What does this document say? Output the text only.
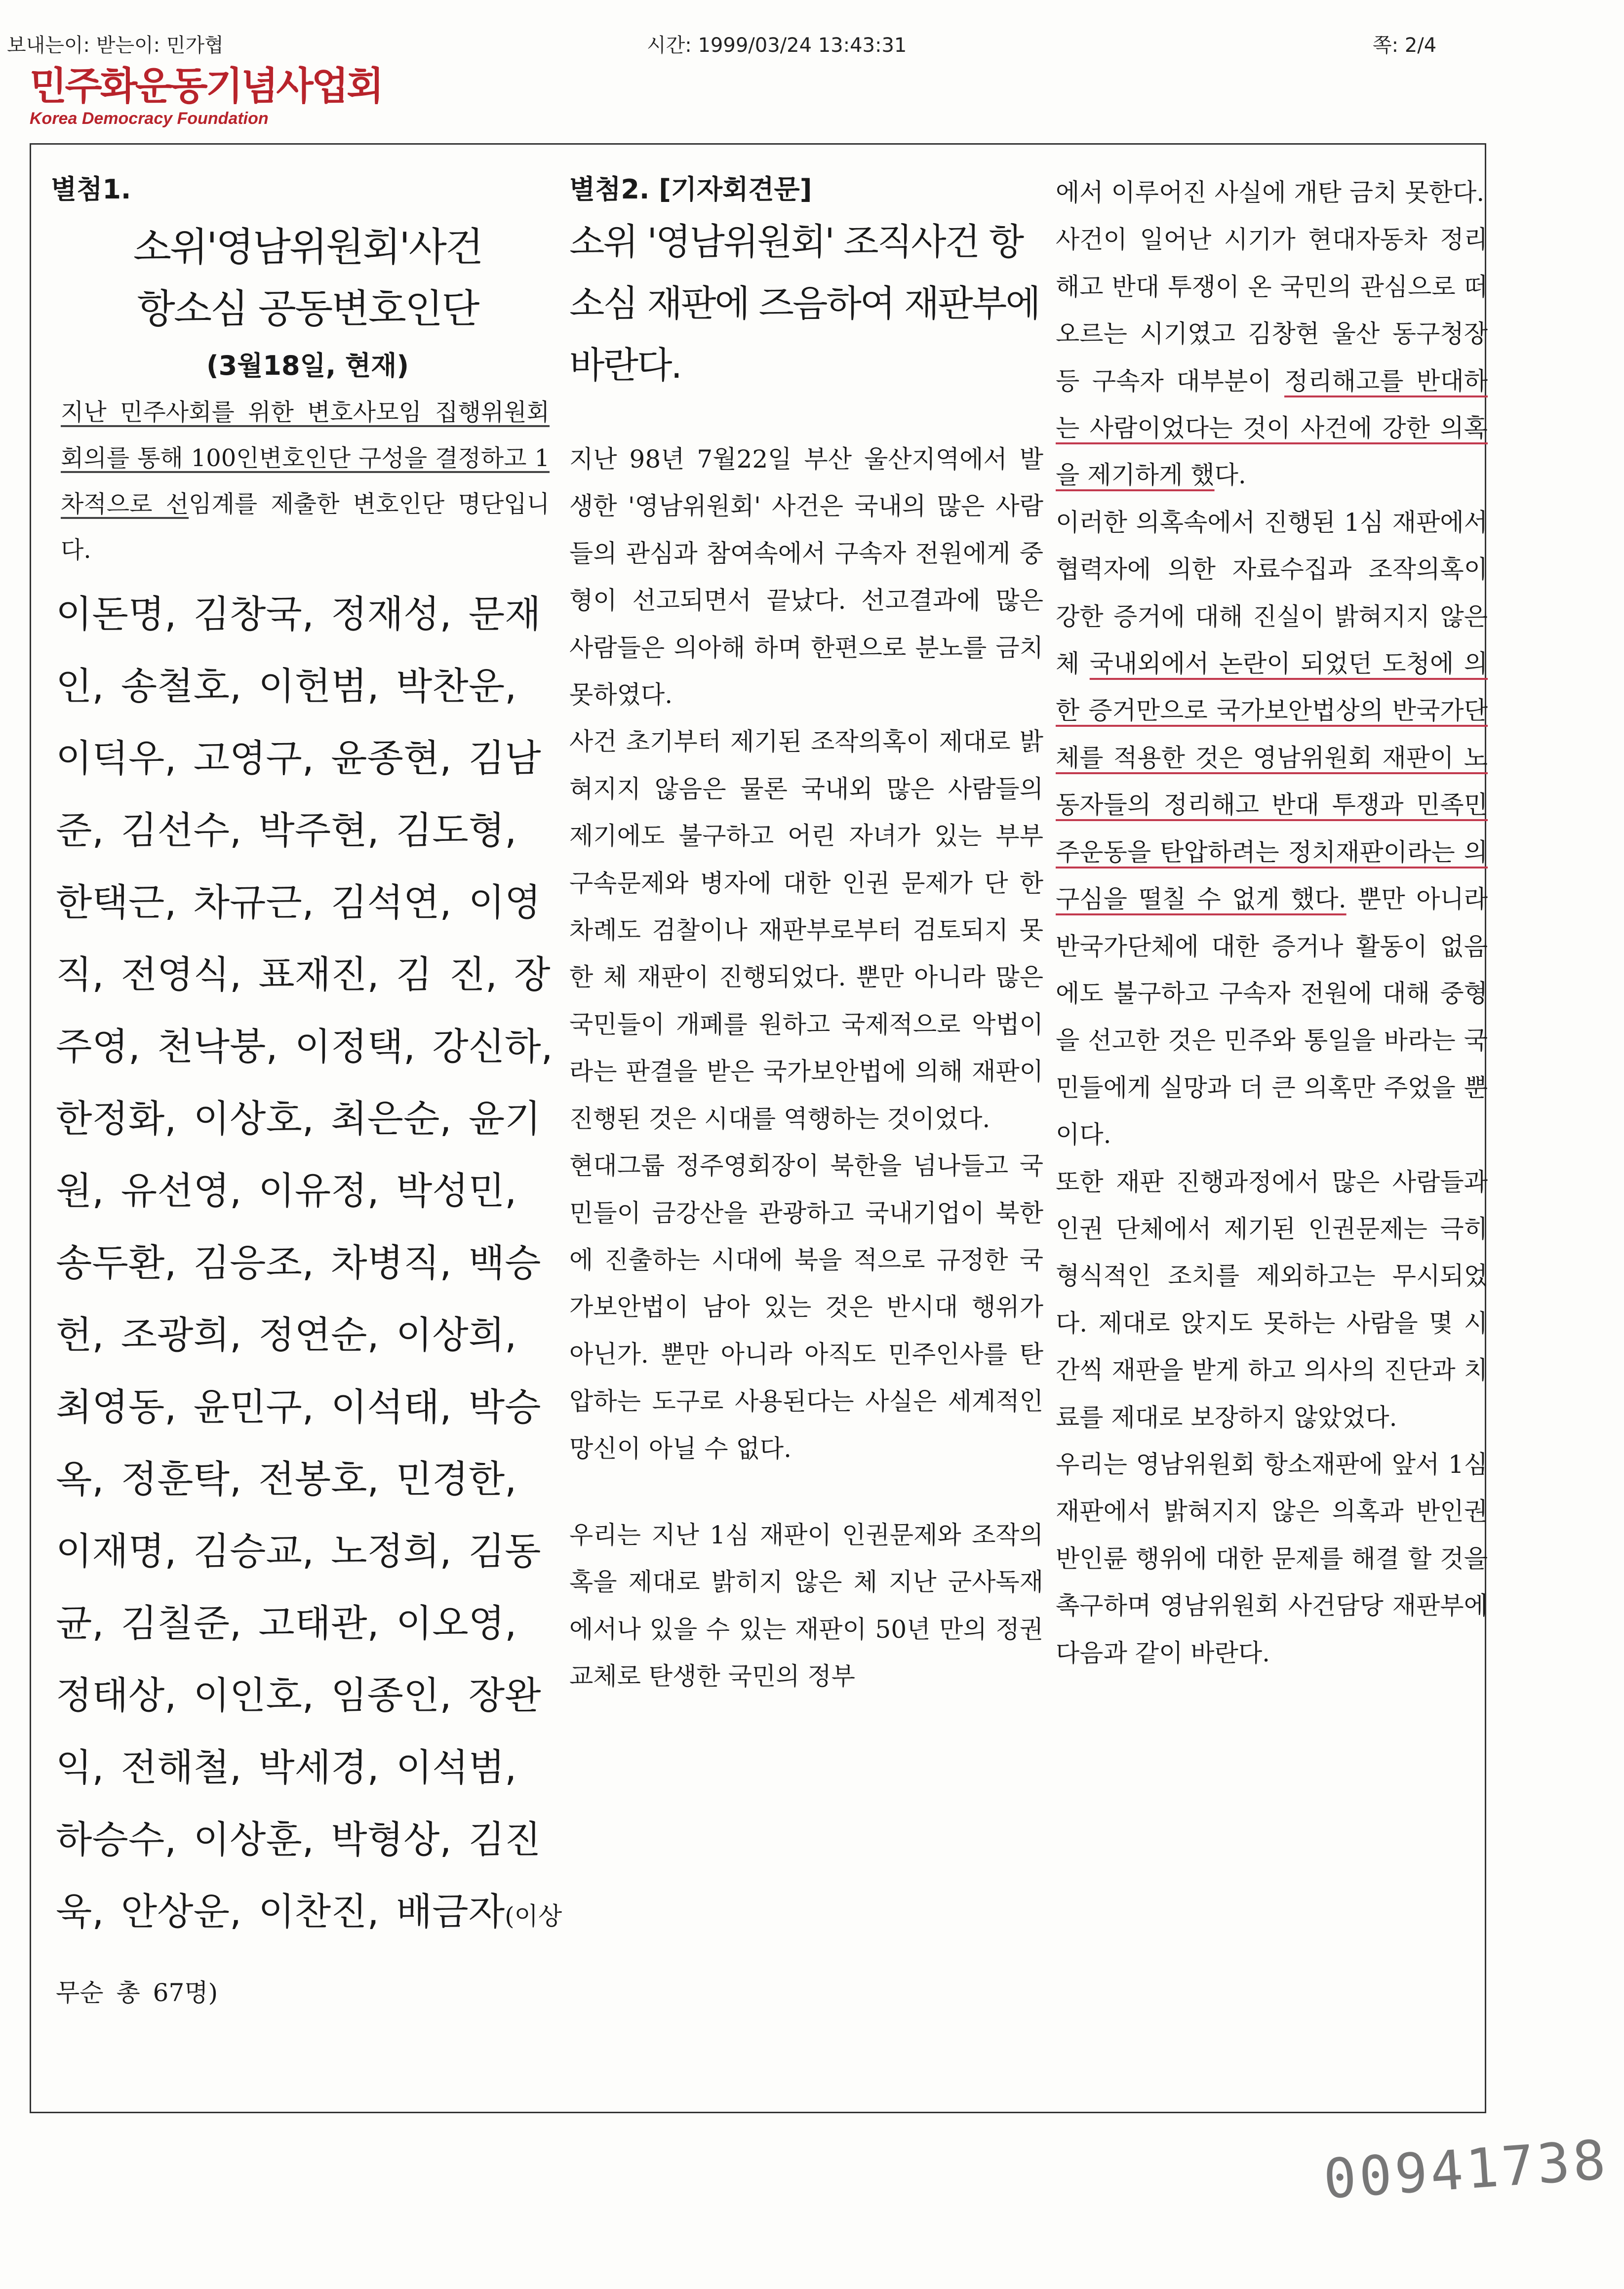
보내는이: 받는이: 민가협	시간: 1999/03/24 13:43:31	쪽: 2/4
민주화운동기념사업회
Korea Democracy Foundation
별첨1.
소위'영남위원회'사건
항소심 공동변호인단
(3월18일, 현재)
지난 민주사회를 위한 변호사모임 집행위원회 회의를 통해 100인변호인단 구성을 결정하고 1차적으로 선임계를 제출한 변호인단 명단입니다.
이돈명, 김창국, 정재성, 문재인, 송철호, 이헌범, 박찬운, 이덕우, 고영구, 윤종현, 김남준, 김선수, 박주현, 김도형, 한택근, 차규근, 김석연, 이영직, 전영식, 표재진, 김 진, 장주영, 천낙붕, 이정택, 강신하, 한정화, 이상호, 최은순, 윤기원, 유선영, 이유정, 박성민, 송두환, 김응조, 차병직, 백승헌, 조광희, 정연순, 이상희, 최영동, 윤민구, 이석태, 박승옥, 정훈탁, 전봉호, 민경한, 이재명, 김승교, 노정희, 김동균, 김칠준, 고태관, 이오영, 정태상, 이인호, 임종인, 장완익, 전해철, 박세경, 이석범, 하승수, 이상훈, 박형상, 김진욱, 안상운, 이찬진, 배금자(이상 무순 총 67명)
별첨2. [기자회견문]
소위 '영남위원회' 조직사건 항소심 재판에 즈음하여 재판부에 바란다.

지난 98년 7월22일 부산 울산지역에서 발생한 '영남위원회' 사건은 국내의 많은 사람들의 관심과 참여속에서 구속자 전원에게 중형이 선고되면서 끝났다. 선고결과에 많은 사람들은 의아해 하며 한편으로 분노를 금치 못하였다.

사건 초기부터 제기된 조작의혹이 제대로 밝혀지지 않음은 물론 국내외 많은 사람들의 제기에도 불구하고 어린 자녀가 있는 부부 구속문제와 병자에 대한 인권 문제가 단 한차례도 검찰이나 재판부로부터 검토되지 못한 체 재판이 진행되었다. 뿐만 아니라 많은 국민들이 개폐를 원하고 국제적으로 악법이라는 판결을 받은 국가보안법에 의해 재판이 진행된 것은 시대를 역행하는 것이었다.

현대그룹 정주영회장이 북한을 넘나들고 국민들이 금강산을 관광하고 국내기업이 북한에 진출하는 시대에 북을 적으로 규정한 국가보안법이 남아 있는 것은 반시대 행위가 아닌가. 뿐만 아니라 아직도 민주인사를 탄압하는 도구로 사용된다는 사실은 세계적인 망신이 아닐 수 없다.

우리는 지난 1심 재판이 인권문제와 조작의혹을 제대로 밝히지 않은 체 지난 군사독재에서나 있을 수 있는 재판이 50년 만의 정권교체로 탄생한 국민의 정부

에서 이루어진 사실에 개탄 금치 못한다.

사건이 일어난 시기가 현대자동차 정리해고 반대 투쟁이 온 국민의 관심으로 떠오르는 시기였고 김창현 울산 동구청장 등 구속자 대부분이 정리해고를 반대하는 사람이었다는 것이 사건에 강한 의혹을 제기하게 했다.

이러한 의혹속에서 진행된 1심 재판에서 협력자에 의한 자료수집과 조작의혹이 강한 증거에 대해 진실이 밝혀지지 않은 체 국내외에서 논란이 되었던 도청에 의한 증거만으로 국가보안법상의 반국가단체를 적용한 것은 영남위원회 재판이 노동자들의 정리해고 반대 투쟁과 민족민주운동을 탄압하려는 정치재판이라는 의구심을 떨칠 수 없게 했다. 뿐만 아니라 반국가단체에 대한 증거나 활동이 없음에도 불구하고 구속자 전원에 대해 중형을 선고한 것은 민주와 통일을 바라는 국민들에게 실망과 더 큰 의혹만 주었을 뿐이다.

또한 재판 진행과정에서 많은 사람들과 인권 단체에서 제기된 인권문제는 극히 형식적인 조치를 제외하고는 무시되었다. 제대로 앉지도 못하는 사람을 몇 시간씩 재판을 받게 하고 의사의 진단과 치료를 제대로 보장하지 않았었다.

우리는 영남위원회 항소재판에 앞서 1심 재판에서 밝혀지지 않은 의혹과 반인권 반인륜 행위에 대한 문제를 해결 할 것을 촉구하며 영남위원회 사건담당 재판부에 다음과 같이 바란다.

00941738
